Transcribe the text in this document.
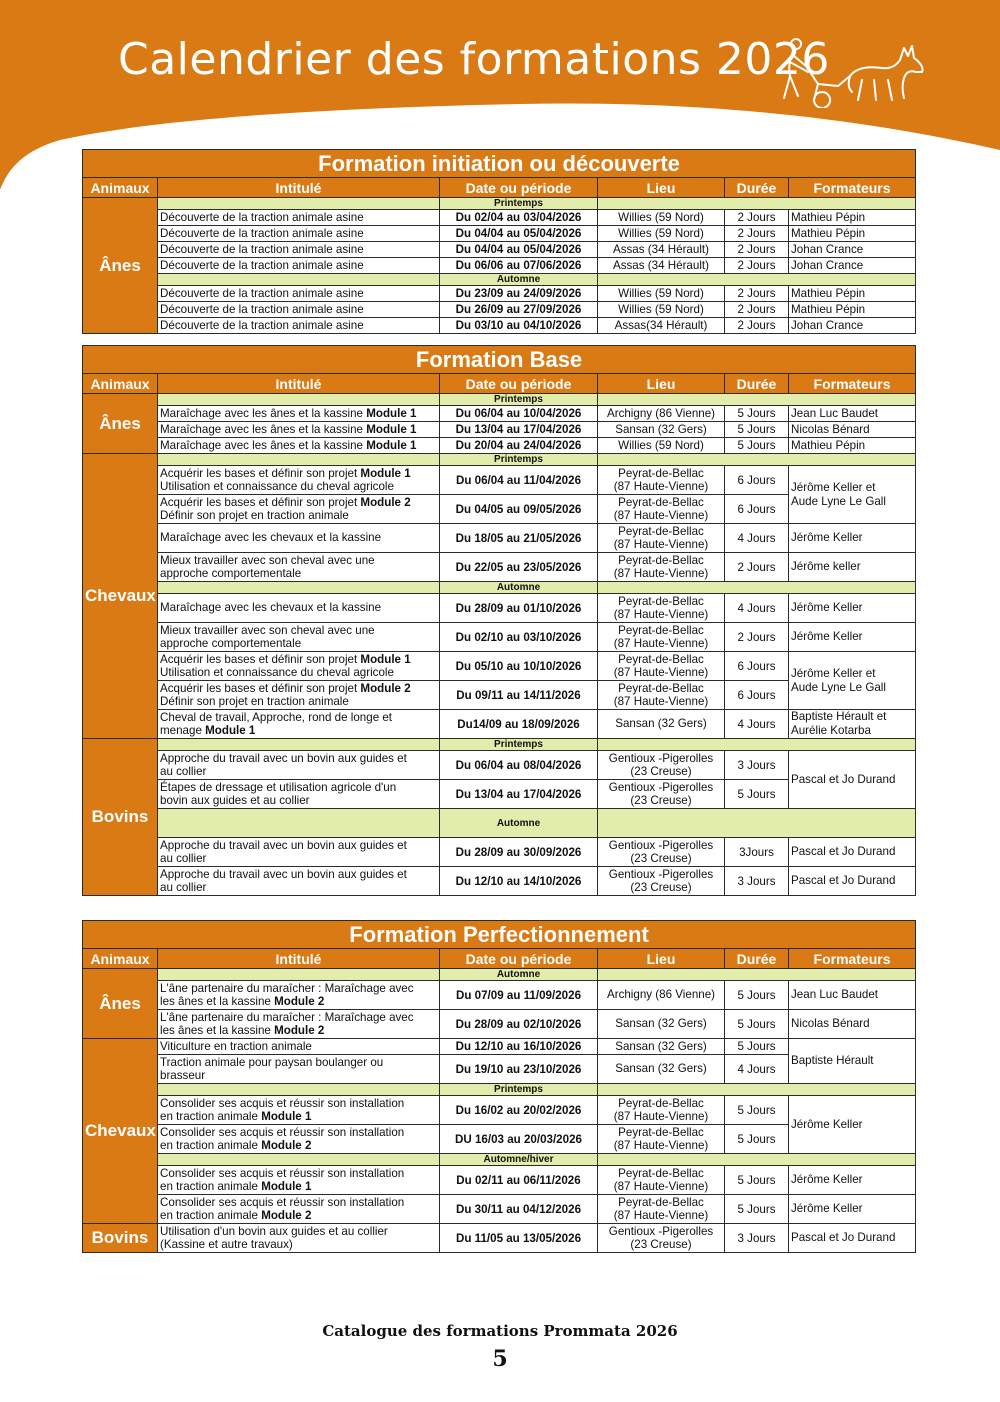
Calendrier des formations 2026
Formation initiation ou découverte					
Animaux	Intitulé	Date ou période	Lieu	Durée	Formateurs
Ânes		Printemps			
	Découverte de la traction animale asine	Du 02/04 au 03/04/2026	Willies (59 Nord)	2 Jours	Mathieu Pépin
	Découverte de la traction animale asine	Du 04/04 au 05/04/2026	Willies (59 Nord)	2 Jours	Mathieu Pépin
	Découverte de la traction animale asine	Du 04/04 au 05/04/2026	Assas (34 Hérault)	2 Jours	Johan Crance
	Découverte de la traction animale asine	Du 06/06 au 07/06/2026	Assas (34 Hérault)	2 Jours	Johan Crance
		Automne			
	Découverte de la traction animale asine	Du 23/09 au 24/09/2026	Willies (59 Nord)	2 Jours	Mathieu Pépin
	Découverte de la traction animale asine	Du 26/09 au 27/09/2026	Willies (59 Nord)	2 Jours	Mathieu Pépin
	Découverte de la traction animale asine	Du 03/10 au 04/10/2026	Assas(34 Hérault)	2 Jours	Johan Crance
Formation Base					
Animaux	Intitulé	Date ou période	Lieu	Durée	Formateurs
Ânes		Printemps			
	Maraîchage avec les ânes et la kassine Module 1	Du 06/04 au 10/04/2026	Archigny (86 Vienne)	5 Jours	Jean Luc Baudet
	Maraîchage avec les ânes et la kassine Module 1	Du 13/04 au 17/04/2026	Sansan (32 Gers)	5 Jours	Nicolas Bénard
	Maraîchage avec les ânes et la kassine Module 1	Du 20/04 au 24/04/2026	Willies (59 Nord)	5 Jours	Mathieu Pépin
Chevaux		Printemps			
	Acquérir les bases et définir son projet Module 1
Utilisation et connaissance du cheval agricole	Du 06/04 au 11/04/2026	Peyrat-de-Bellac
(87 Haute-Vienne)	6 Jours	Jérôme Keller et
Aude Lyne Le Gall
	Acquérir les bases et définir son projet Module 2
Définir son projet en traction animale	Du 04/05 au 09/05/2026	Peyrat-de-Bellac
(87 Haute-Vienne)	6 Jours	
	Maraîchage avec les chevaux et la kassine	Du 18/05 au 21/05/2026	Peyrat-de-Bellac
(87 Haute-Vienne)	4 Jours	Jérôme Keller
	Mieux travailler avec son cheval avec une
approche comportementale	Du 22/05 au 23/05/2026	Peyrat-de-Bellac
(87 Haute-Vienne)	2 Jours	Jérôme keller
		Automne			
	Maraîchage avec les chevaux et la kassine	Du 28/09 au 01/10/2026	Peyrat-de-Bellac
(87 Haute-Vienne)	4 Jours	Jérôme Keller
	Mieux travailler avec son cheval avec une
approche comportementale	Du 02/10 au 03/10/2026	Peyrat-de-Bellac
(87 Haute-Vienne)	2 Jours	Jérôme Keller
	Acquérir les bases et définir son projet Module 1
Utilisation et connaissance du cheval agricole	Du 05/10 au 10/10/2026	Peyrat-de-Bellac
(87 Haute-Vienne)	6 Jours	Jérôme Keller et
Aude Lyne Le Gall
	Acquérir les bases et définir son projet Module 2
Définir son projet en traction animale	Du 09/11 au 14/11/2026	Peyrat-de-Bellac
(87 Haute-Vienne)	6 Jours	
	Cheval de travail, Approche, rond de longe et
menage Module 1	Du14/09 au 18/09/2026	Sansan (32 Gers)	4 Jours	Baptiste Hérault et
Aurélie Kotarba
Bovins		Printemps			
	Approche du travail avec un bovin aux guides et
au collier	Du 06/04 au 08/04/2026	Gentioux -Pigerolles
(23 Creuse)	3 Jours	Pascal et Jo Durand
	Étapes de dressage et utilisation agricole d'un
bovin aux guides et au collier	Du 13/04 au 17/04/2026	Gentioux -Pigerolles
(23 Creuse)	5 Jours	
		Automne			
	Approche du travail avec un bovin aux guides et
au collier	Du 28/09 au 30/09/2026	Gentioux -Pigerolles
(23 Creuse)	3Jours	Pascal et Jo Durand
	Approche du travail avec un bovin aux guides et
au collier	Du 12/10 au 14/10/2026	Gentioux -Pigerolles
(23 Creuse)	3 Jours	Pascal et Jo Durand
Formation Perfectionnement					
Animaux	Intitulé	Date ou période	Lieu	Durée	Formateurs
Ânes		Automne			
	L'âne partenaire du maraîcher : Maraîchage avec
les ânes et la kassine Module 2	Du 07/09 au 11/09/2026	Archigny (86 Vienne)	5 Jours	Jean Luc Baudet
	L'âne partenaire du maraîcher : Maraîchage avec
les ânes et la kassine Module 2	Du 28/09 au 02/10/2026	Sansan (32 Gers)	5 Jours	Nicolas Bénard
Chevaux	Viticulture en traction animale	Du 12/10 au 16/10/2026	Sansan (32 Gers)	5 Jours	Baptiste Hérault
	Traction animale pour paysan boulanger ou
brasseur	Du 19/10 au 23/10/2026	Sansan (32 Gers)	4 Jours	
		Printemps			
	Consolider ses acquis et réussir son installation
en traction animale Module 1	Du 16/02 au 20/02/2026	Peyrat-de-Bellac
(87 Haute-Vienne)	5 Jours	Jérôme Keller
	Consolider ses acquis et réussir son installation
en traction animale Module 2	DU 16/03 au 20/03/2026	Peyrat-de-Bellac
(87 Haute-Vienne)	5 Jours	
		Automne/hiver			
	Consolider ses acquis et réussir son installation
en traction animale Module 1	Du 02/11 au 06/11/2026	Peyrat-de-Bellac
(87 Haute-Vienne)	5 Jours	Jérôme Keller
	Consolider ses acquis et réussir son installation
en traction animale Module 2	Du 30/11 au 04/12/2026	Peyrat-de-Bellac
(87 Haute-Vienne)	5 Jours	Jérôme Keller
Bovins	Utilisation d'un bovin aux guides et au collier
(Kassine et autre travaux)	Du 11/05 au 13/05/2026	Gentioux -Pigerolles
(23 Creuse)	3 Jours	Pascal et Jo Durand
Catalogue des formations Prommata 2026
5
